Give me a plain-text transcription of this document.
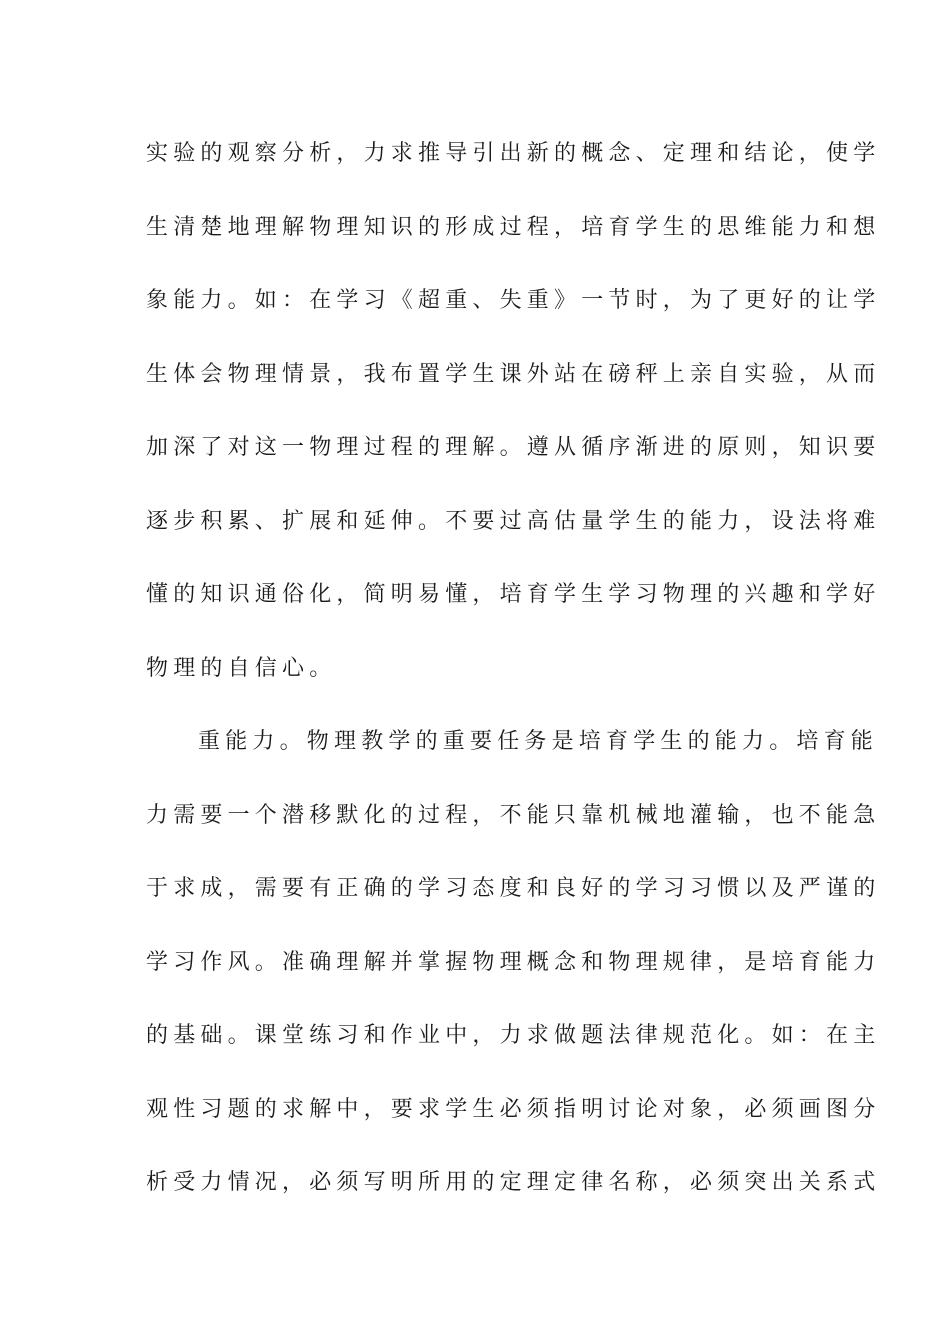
实验的观察分析，力求推导引出新的概念、定理和结论，使学
生清楚地理解物理知识的形成过程，培育学生的思维能力和想
象能力。如：在学习《超重、失重》一节时，为了更好的让学
生体会物理情景，我布置学生课外站在磅秤上亲自实验，从而
加深了对这一物理过程的理解。遵从循序渐进的原则，知识要
逐步积累、扩展和延伸。不要过高估量学生的能力，设法将难
懂的知识通俗化，简明易懂，培育学生学习物理的兴趣和学好
物理的自信心。
重能力。物理教学的重要任务是培育学生的能力。培育能
力需要一个潜移默化的过程，不能只靠机械地灌输，也不能急
于求成，需要有正确的学习态度和良好的学习习惯以及严谨的
学习作风。准确理解并掌握物理概念和物理规律，是培育能力
的基础。课堂练习和作业中，力求做题法律规范化。如：在主
观性习题的求解中，要求学生必须指明讨论对象，必须画图分
析受力情况，必须写明所用的定理定律名称，必须突出关系式
